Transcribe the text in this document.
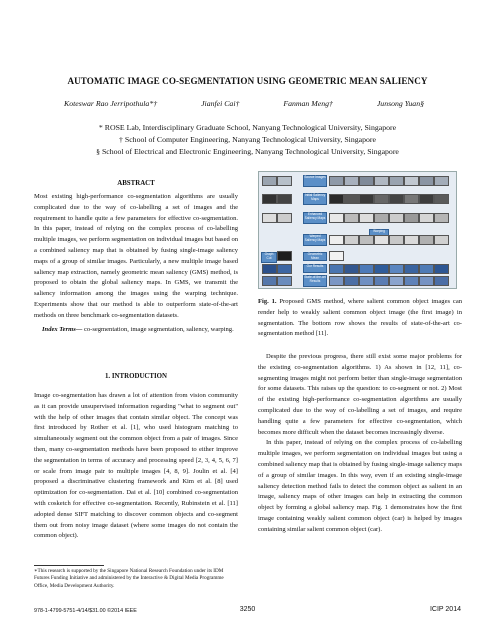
AUTOMATIC IMAGE CO-SEGMENTATION USING GEOMETRIC MEAN SALIENCY
Koteswar Rao Jerripothula*†	Jianfei Cai†	Fanman Meng†	Junsong Yuan§
* ROSE Lab, Interdisciplinary Graduate School, Nanyang Technological University, Singapore
† School of Computer Engineering, Nanyang Technological University, Singapore
§ School of Electrical and Electronic Engineering, Nanyang Technological University, Singapore
ABSTRACT

Most existing high-performance co-segmentation algorithms are usually complicated due to the way of co-labelling a set of images and the requirement to handle quite a few parameters for effective co-segmentation. In this paper, instead of relying on the complex process of co-labelling multiple images, we perform segmentation on individual images but based on a combined saliency map that is obtained by fusing single-image saliency maps of a group of similar images. Particularly, a new multiple image based saliency map extraction, namely geometric mean saliency (GMS) method, is proposed to obtain the global saliency maps. In GMS, we transmit the saliency information among the images using the warping technique. Experiments show that our method is able to outperform state-of-the-art methods on three benchmark co-segmentation datasets.

Index Terms— co-segmentation, image segmentation, saliency, warping.

1. INTRODUCTION

Image co-segmentation has drawn a lot of attention from vision community as it can provide unsupervised information regarding "what to segment out" with the help of other images that contain similar object. The concept was first introduced by Rother et al. [1], who used histogram matching to simultaneously segment out the common object from a pair of images. Since then, many co-segmentation methods have been proposed to either improve the segmentation in terms of accuracy and processing speed [2, 3, 4, 5, 6, 7] or scale from image pair to multiple images [4, 8, 9]. Joulin et al. [4] proposed a discriminative clustering framework and Kim et al. [8] used optimization for co-segmentation. Dai et al. [10] combined co-segmentation with cosketch for effective co-segmentation. Recently, Rubinstein et al. [11] adopted dense SIFT matching to discover common objects and co-segment them out from noisy image dataset (where some images do not contain the common object).

∗This research is supported by the Singapore National Research Foundation under its IDM Futures Funding Initiative and administered by the Interactive & Digital Media Programme Office, Media Development Authority.
Source Images
Initial Saliency Maps
Enhanced Saliency Maps
Warping
Warped Saliency Maps
Geometric Mean
Graph Cut
Our Results
State-of-the-art Results
Fig. 1. Proposed GMS method, where salient common object images can render help to weakly salient common object image (the first image) in segmentation. The bottom row shows the results of state-of-the-art co-segmentation method [11].

Despite the previous progress, there still exist some major problems for the existing co-segmentation algorithms. 1) As shown in [12, 11], co-segmenting images might not perform better than single-image segmentation for some datasets. This raises up the question: to co-segment or not. 2) Most of the existing high-performance co-segmentation algorithms are usually complicated due to the way of co-labelling a set of images, and require handling quite a few parameters for effective co-segmentation, which becomes more difficult when the dataset becomes increasingly diverse.

In this paper, instead of relying on the complex process of co-labelling multiple images, we perform segmentation on individual images but using a combined saliency map that is obtained by fusing single-image saliency maps of a group of similar images. In this way, even if an existing single-image saliency detection method fails to detect the common object as salient in an image, saliency maps of other images can help in extracting the common object by forming a global saliency map. Fig. 1 demonstrates how the first image containing weakly salient common object (car) is helped by images containing similar salient common object (car).

978-1-4799-5751-4/14/$31.00 ©2014 IEEE	3250	ICIP 2014
